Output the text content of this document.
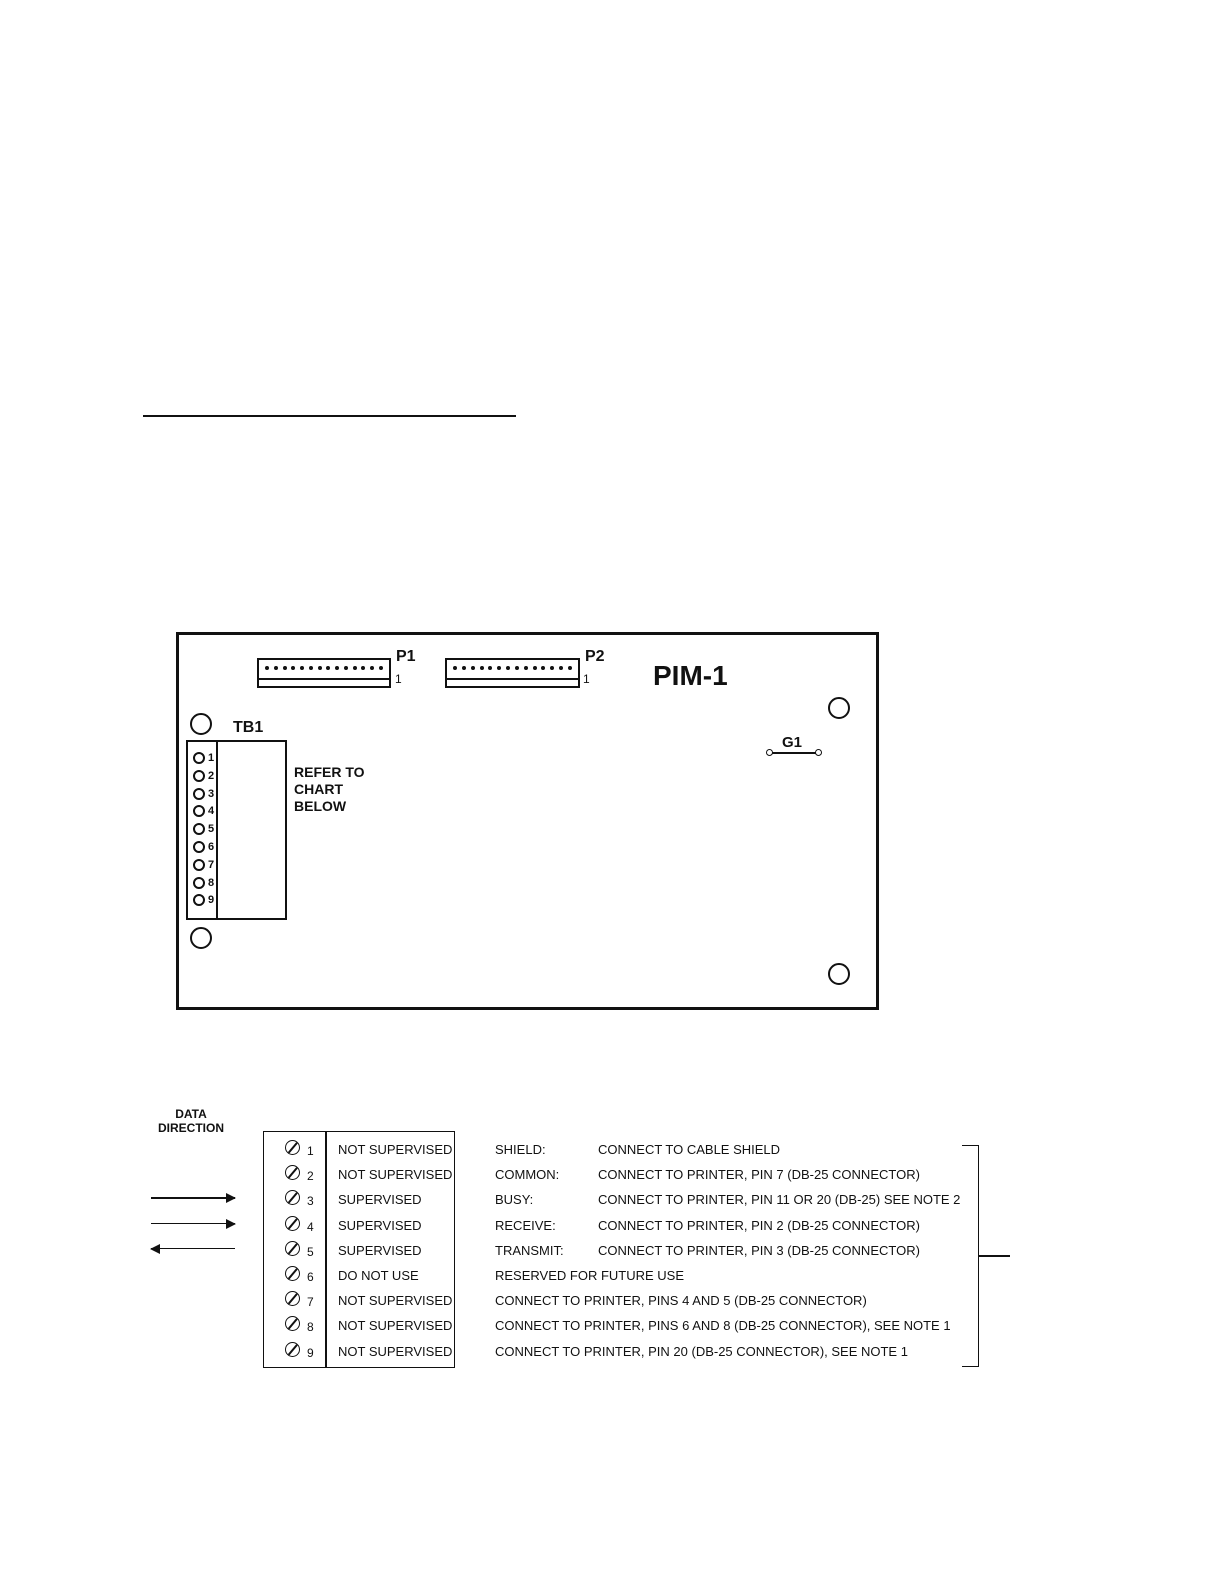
P1
1
P2
1 PIM-1
TB1
1
2
3
4
5
6
7
8
9
REFER TO
CHART
BELOW
G1
DATA
DIRECTION
1 NOT SUPERVISED	SHIELD:	CONNECT TO CABLE SHIELD
2 NOT SUPERVISED	COMMON:	CONNECT TO PRINTER, PIN 7 (DB-25 CONNECTOR)
3 SUPERVISED	BUSY:	CONNECT TO PRINTER, PIN 11 OR 20 (DB-25) SEE NOTE 2
4 SUPERVISED	RECEIVE:	CONNECT TO PRINTER, PIN 2 (DB-25 CONNECTOR)
5 SUPERVISED	TRANSMIT:	CONNECT TO PRINTER, PIN 3 (DB-25 CONNECTOR)
6 DO NOT USE	RESERVED FOR FUTURE USE
7 NOT SUPERVISED	CONNECT TO PRINTER, PINS 4 AND 5 (DB-25 CONNECTOR)
8 NOT SUPERVISED	CONNECT TO PRINTER, PINS 6 AND 8 (DB-25 CONNECTOR), SEE NOTE 1
9 NOT SUPERVISED	CONNECT TO PRINTER, PIN 20 (DB-25 CONNECTOR), SEE NOTE 1
